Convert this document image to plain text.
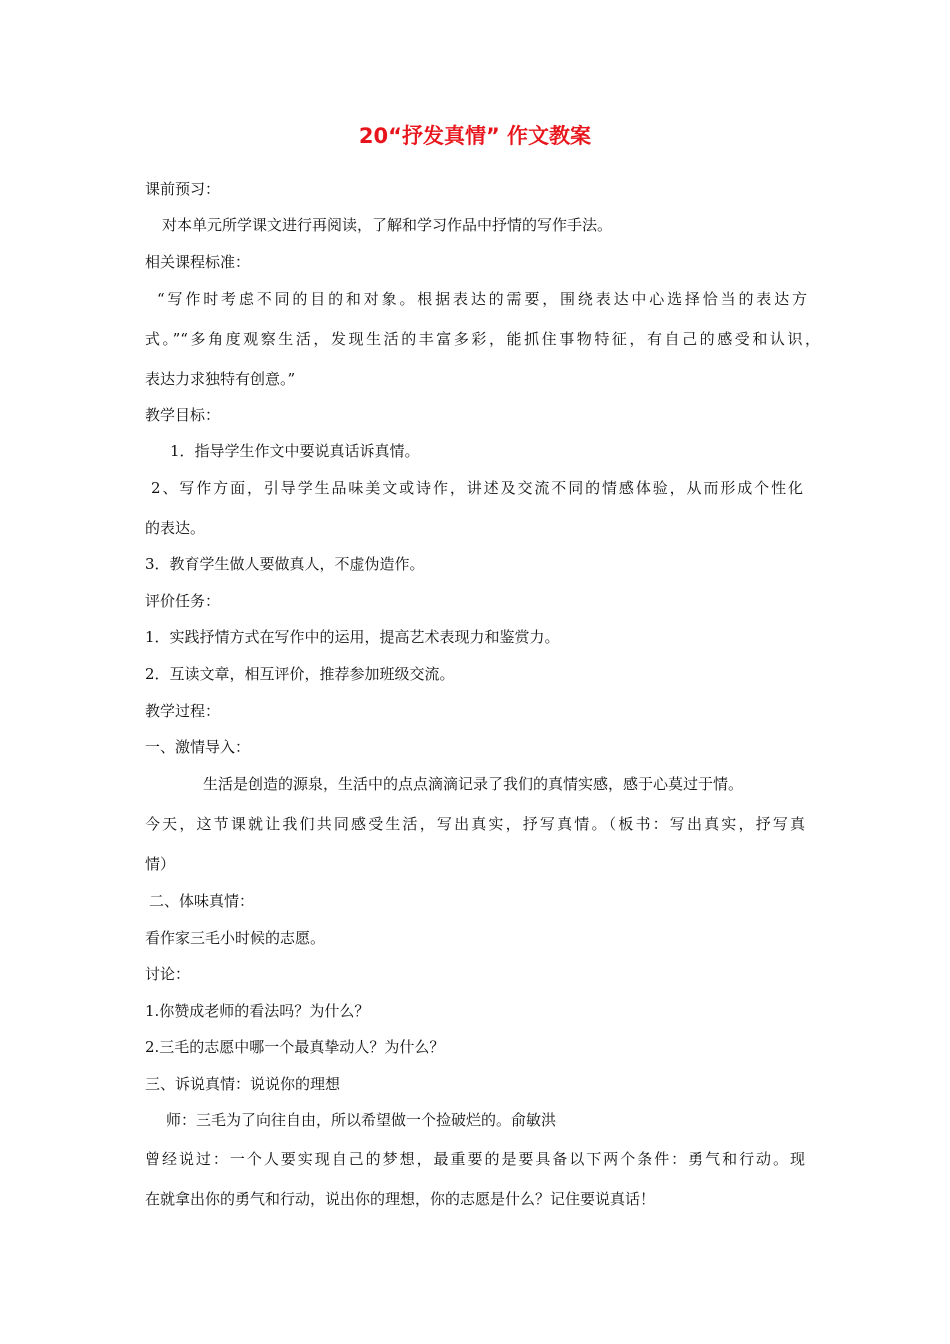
20“抒发真情” 作文教案

课前预习：

对本单元所学课文进行再阅读，了解和学习作品中抒情的写作手法。

相关课程标准：

“写作时考虑不同的目的和对象。根据表达的需要，围绕表达中心选择恰当的表达方

式。”“多角度观察生活，发现生活的丰富多彩，能抓住事物特征，有自己的感受和认识，

表达力求独特有创意。”

教学目标：

1．指导学生作文中要说真话诉真情。

2、写作方面，引导学生品味美文或诗作，讲述及交流不同的情感体验，从而形成个性化

的表达。

3．教育学生做人要做真人，不虚伪造作。

评价任务：

1．实践抒情方式在写作中的运用，提高艺术表现力和鉴赏力。

2．互读文章，相互评价，推荐参加班级交流。

教学过程：

一、激情导入：

生活是创造的源泉，生活中的点点滴滴记录了我们的真情实感，感于心莫过于情。

今天，这节课就让我们共同感受生活，写出真实，抒写真情。（板书：写出真实，抒写真

情）

二、体味真情：

看作家三毛小时候的志愿。

讨论：

1.你赞成老师的看法吗？为什么？

2.三毛的志愿中哪一个最真挚动人？为什么？

三、诉说真情：说说你的理想

师：三毛为了向往自由，所以希望做一个捡破烂的。俞敏洪

曾经说过：一个人要实现自己的梦想，最重要的是要具备以下两个条件：勇气和行动。现

在就拿出你的勇气和行动，说出你的理想，你的志愿是什么？记住要说真话！
